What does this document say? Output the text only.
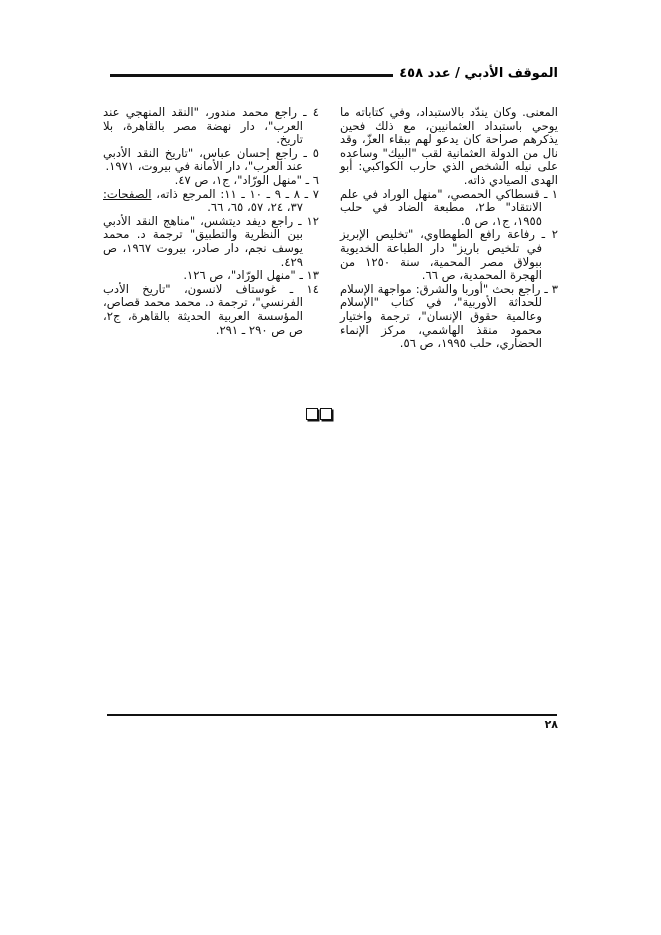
الموقف الأدبي / عدد ٤٥٨

المعنى. وكان يندّد بالاستبداد، وفي كتاباته ما يوحي باستبداد العثمانيين، مع ذلك فحين يذكرهم صراحة كان يدعو لهم ببقاء العزّ، وقد نال من الدولة العثمانية لقب "البيك" وساعده على نيله الشخص الذي حارب الكواكبي: أبو الهدى الصيادي ذاته.

١ ـ قسطاكي الحمصي، "منهل الوراد في علم الانتقاد" ط٢، مطبعة الضاد في حلب ١٩٥٥، ج١، ص ٥.

٢ ـ رفاعة رافع الطهطاوي، "تخليص الإبريز في تلخيص باريز" دار الطباعة الخديوية ببولاق مصر المحمية، سنة ١٢٥٠ من الهجرة المحمدية، ص ٦٦.

٣ ـ راجع بحث "أوربا والشرق: مواجهة الإسلام للحداثة الأوربية"، في كتاب "الإسلام وعالمية حقوق الإنسان"، ترجمة واختيار محمود منقذ الهاشمي، مركز الإنماء الحضاري، حلب ١٩٩٥، ص ٥٦.

٤ ـ راجع محمد مندور، "النقد المنهجي عند العرب"، دار نهضة مصر بالقاهرة، بلا تاريخ.

٥ ـ راجع إحسان عباس، "تاريخ النقد الأدبي عند العرب"، دار الأمانة في بيروت، ١٩٧١.

٦ ـ "منهل الورّاد"، ج١، ص ٤٧.

٧ ـ ٨ ـ ٩ ـ ١٠ ـ ١١: المرجع ذاته، الصفحات: ٣٧، ٢٤، ٥٧، ٦٥، ٦٦.

١٢ ـ راجع ديفد ديتشس، "مناهج النقد الأدبي بين النظرية والتطبيق" ترجمة د. محمد يوسف نجم، دار صادر، بيروت ١٩٦٧، ص ٤٢٩.

١٣ ـ "منهل الورّاد"، ص ١٢٦.

١٤ ـ غوستاف لانسون، "تاريخ الأدب الفرنسي"، ترجمة د. محمد محمد قصاص، المؤسسة العربية الحديثة بالقاهرة، ج٢، ص ص ٢٩٠ ـ ٢٩١.

٢٨
